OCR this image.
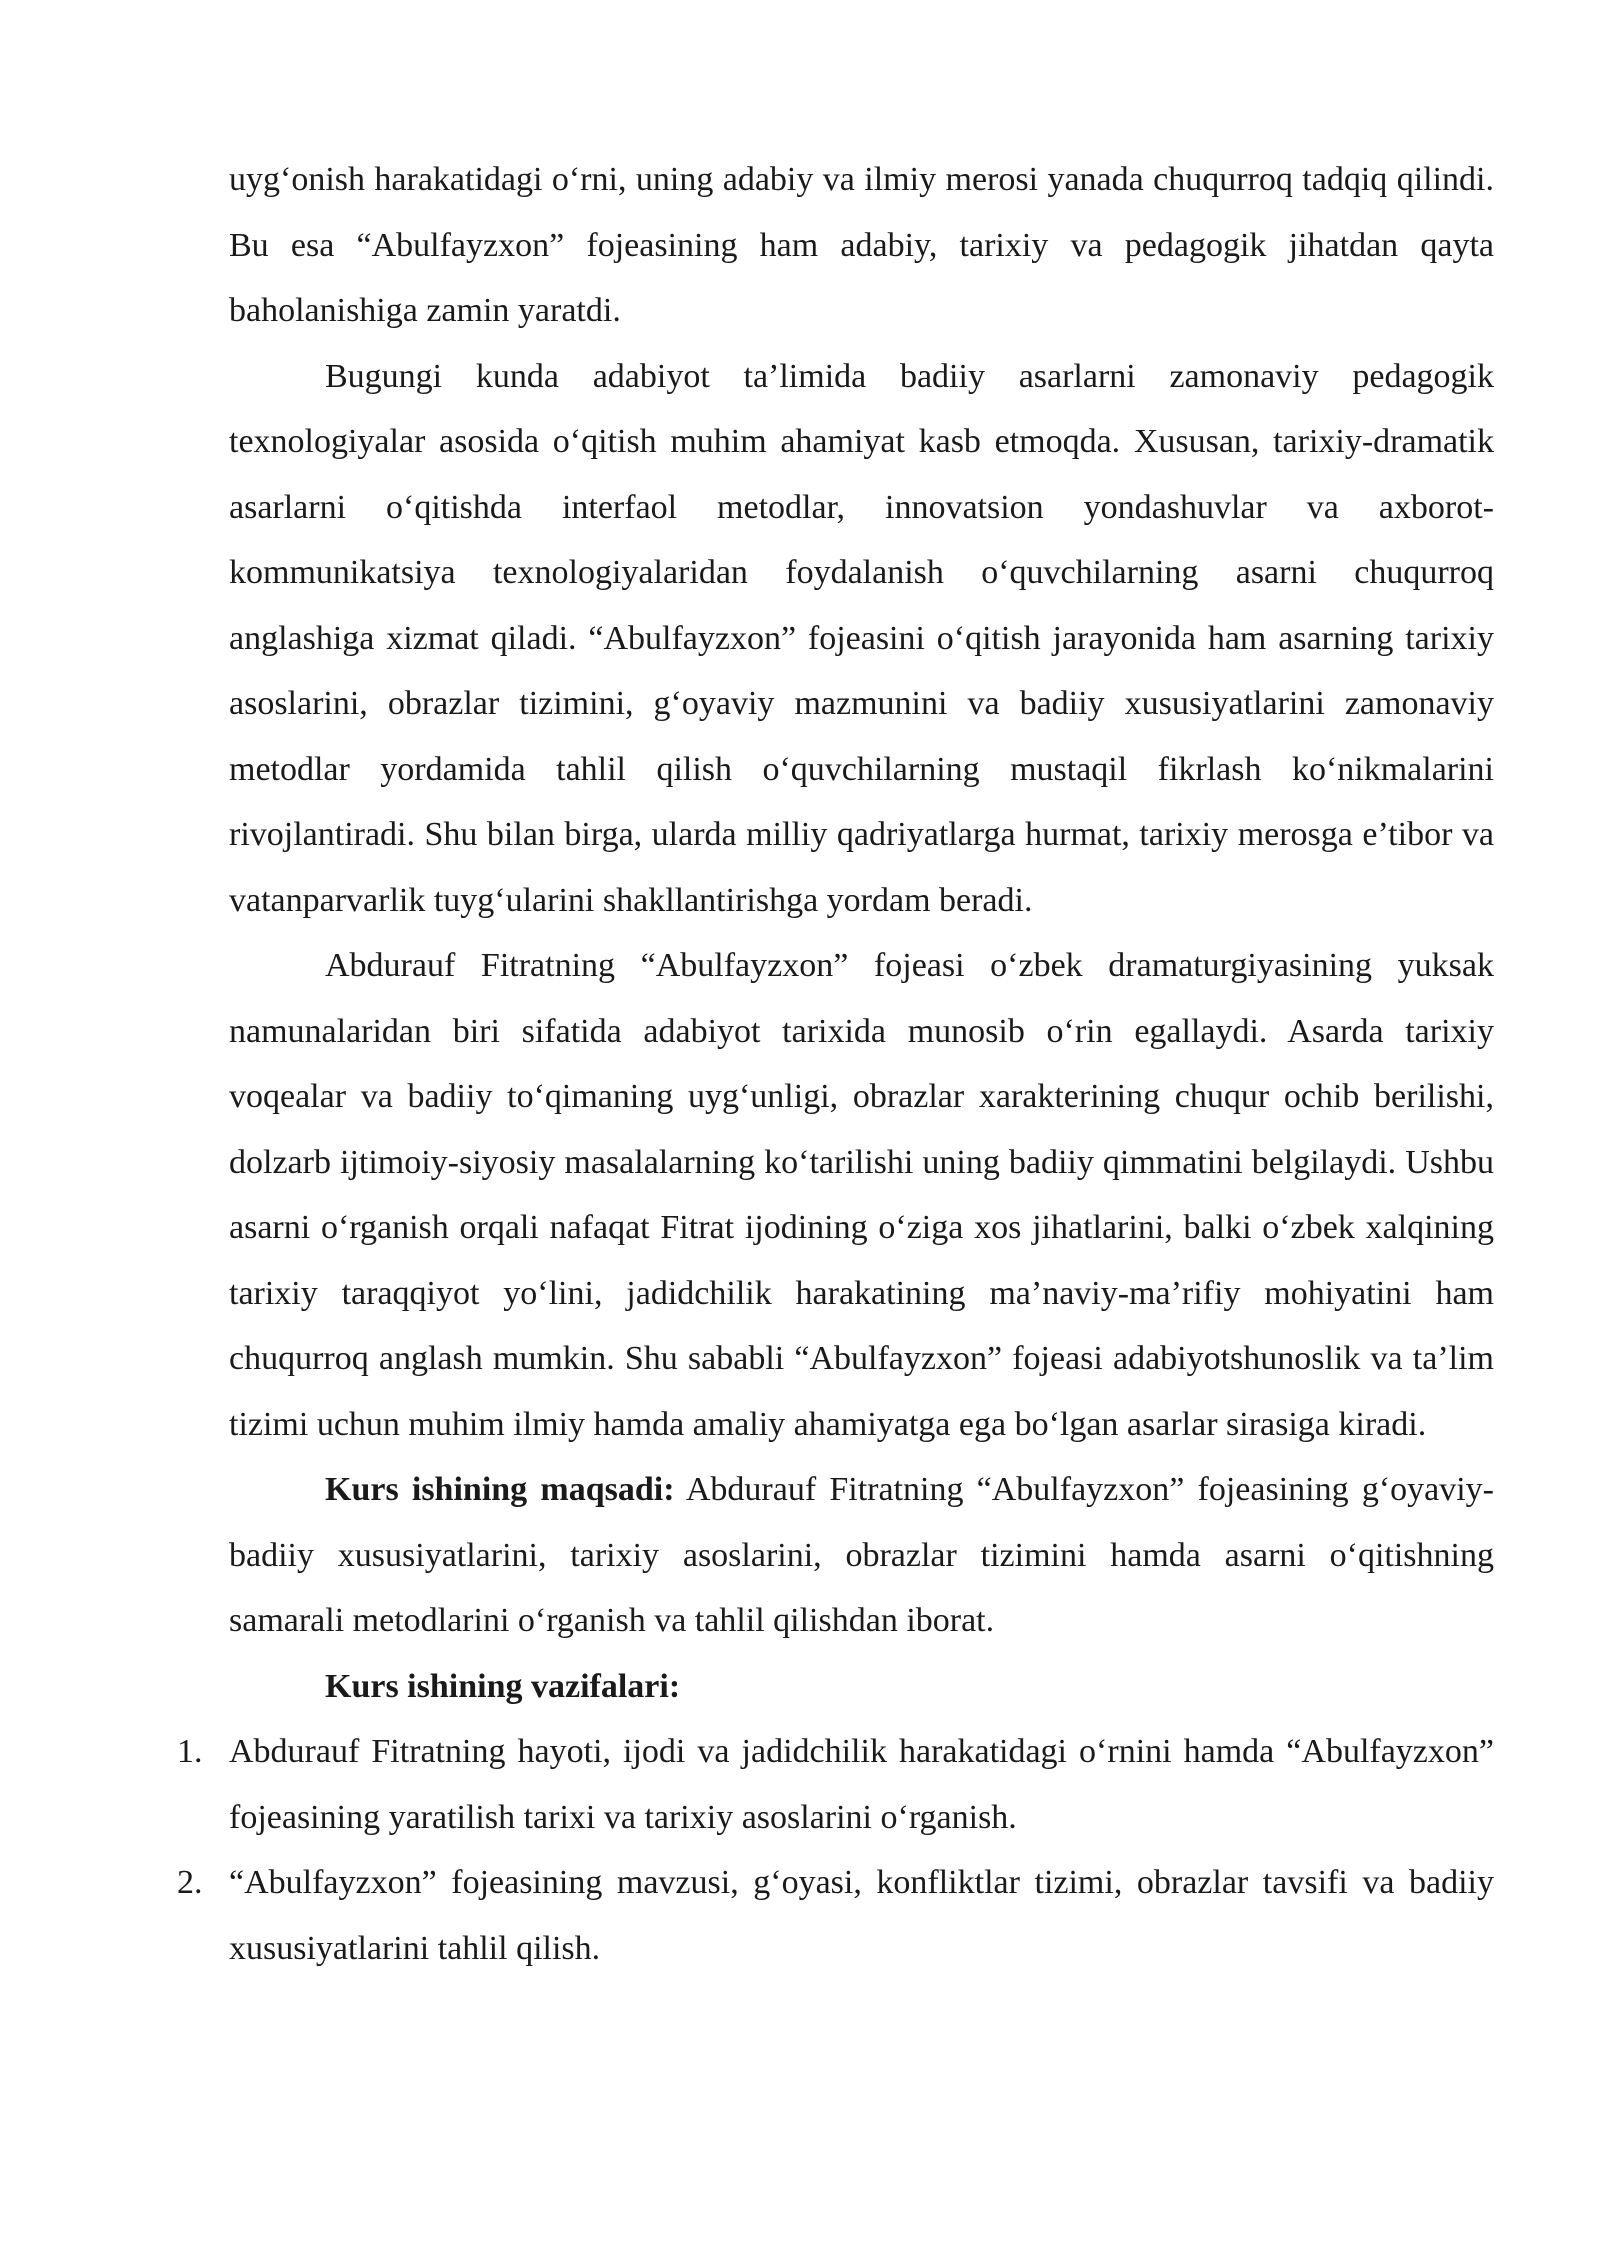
uyg‘onish harakatidagi o‘rni, uning adabiy va ilmiy merosi yanada chuqurroq tadqiq qilindi. Bu esa “Abulfayzxon” fojeasining ham adabiy, tarixiy va pedagogik jihatdan qayta baholanishiga zamin yaratdi.

Bugungi kunda adabiyot ta’limida badiiy asarlarni zamonaviy pedagogik texnologiyalar asosida o‘qitish muhim ahamiyat kasb etmoqda. Xususan, tarixiy-dramatik asarlarni o‘qitishda interfaol metodlar, innovatsion yondashuvlar va axborot-kommunikatsiya texnologiyalaridan foydalanish o‘quvchilarning asarni chuqurroq anglashiga xizmat qiladi. “Abulfayzxon” fojeasini o‘qitish jarayonida ham asarning tarixiy asoslarini, obrazlar tizimini, g‘oyaviy mazmunini va badiiy xususiyatlarini zamonaviy metodlar yordamida tahlil qilish o‘quvchilarning mustaqil fikrlash ko‘nikmalarini rivojlantiradi. Shu bilan birga, ularda milliy qadriyatlarga hurmat, tarixiy merosga e’tibor va vatanparvarlik tuyg‘ularini shakllantirishga yordam beradi.

Abdurauf Fitratning “Abulfayzxon” fojeasi o‘zbek dramaturgiyasining yuksak namunalaridan biri sifatida adabiyot tarixida munosib o‘rin egallaydi. Asarda tarixiy voqealar va badiiy to‘qimaning uyg‘unligi, obrazlar xarakterining chuqur ochib berilishi, dolzarb ijtimoiy-siyosiy masalalarning ko‘tarilishi uning badiiy qimmatini belgilaydi. Ushbu asarni o‘rganish orqali nafaqat Fitrat ijodining o‘ziga xos jihatlarini, balki o‘zbek xalqining tarixiy taraqqiyot yo‘lini, jadidchilik harakatining ma’naviy-ma’rifiy mohiyatini ham chuqurroq anglash mumkin. Shu sababli “Abulfayzxon” fojeasi adabiyotshunoslik va ta’lim tizimi uchun muhim ilmiy hamda amaliy ahamiyatga ega bo‘lgan asarlar sirasiga kiradi.

Kurs ishining maqsadi: Abdurauf Fitratning “Abulfayzxon” fojeasining g‘oyaviy-badiiy xususiyatlarini, tarixiy asoslarini, obrazlar tizimini hamda asarni o‘qitishning samarali metodlarini o‘rganish va tahlil qilishdan iborat.

Kurs ishining vazifalari:

1. Abdurauf Fitratning hayoti, ijodi va jadidchilik harakatidagi o‘rnini hamda “Abulfayzxon” fojeasining yaratilish tarixi va tarixiy asoslarini o‘rganish.
2. “Abulfayzxon” fojeasining mavzusi, g‘oyasi, konfliktlar tizimi, obrazlar tavsifi va badiiy xususiyatlarini tahlil qilish.
